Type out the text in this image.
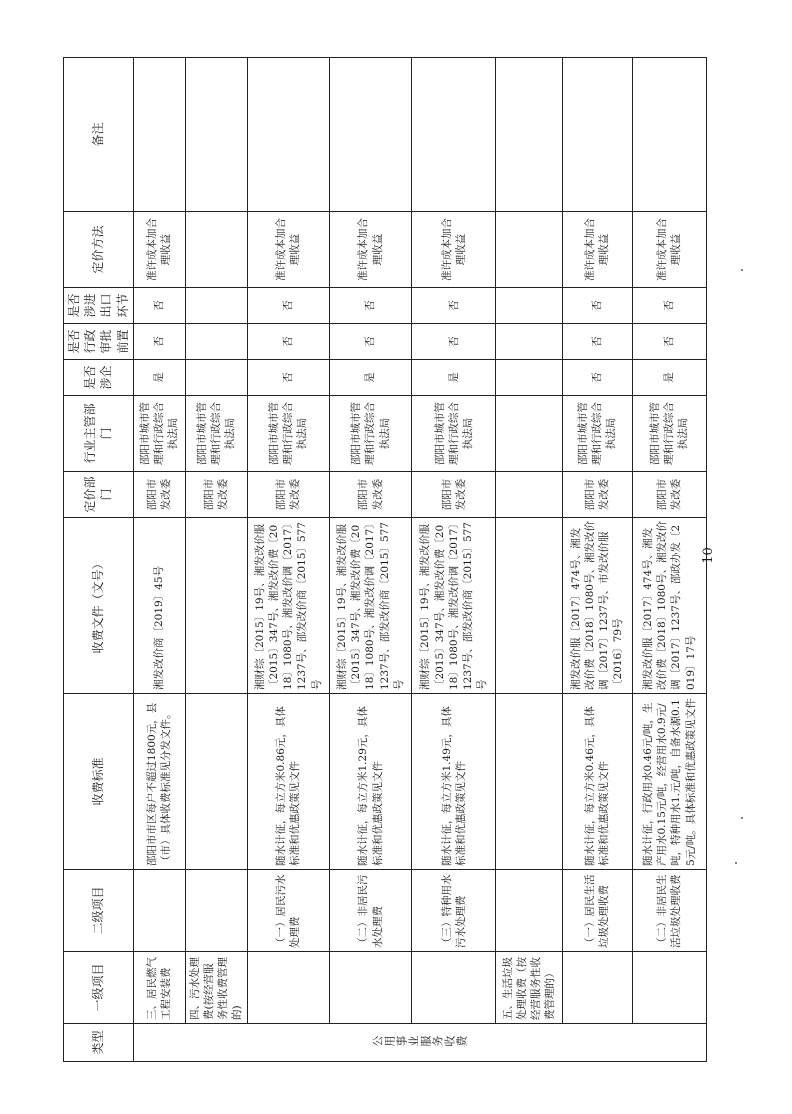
类型	一级项目	二级项目	收费标准	收费文件（文号）	定价部门	行业主管部门	是否涉企	是否行政审批前置	是否涉进出口环节	定价方法	备注
公用事业服务收费	三、居民燃气工程安装费		邵阳市市区每户不超过1800元，县（市）具体收费标准见分发文件。	湘发改价商〔2019〕45号	邵阳市发改委	邵阳市城市管理和行政综合执法局	是	否	否	准许成本加合理收益	
	四、污水处理费(按经营服务性收费管理的)				邵阳市发改委	邵阳市城市管理和行政综合执法局					
		（一）居民污水处理费	随水计征，每立方米0.86元，具体标准和优惠政策见文件	湘财综〔2015〕19号、湘发改价服〔2015〕347号、湘发改价费〔2018〕1080号、湘发改价调〔2017〕1237号、邵发改价商〔2015〕577号	邵阳市发改委	邵阳市城市管理和行政综合执法局	否	否	否	准许成本加合理收益	
		（二）非居民污水处理费	随水计征，每立方米1.29元，具体标准和优惠政策见文件	湘财综〔2015〕19号、湘发改价服〔2015〕347号、湘发改价费〔2018〕1080号、湘发改价调〔2017〕1237号、邵发改价商〔2015〕577号	邵阳市发改委	邵阳市城市管理和行政综合执法局	是	否	否	准许成本加合理收益	
		（三）特种用水污水处理费	随水计征，每立方米1.49元，具体标准和优惠政策见文件	湘财综〔2015〕19号、湘发改价服〔2015〕347号、湘发改价费〔2018〕1080号、湘发改价调〔2017〕1237号、邵发改价商〔2015〕577号	邵阳市发改委	邵阳市城市管理和行政综合执法局	是	否	否	准许成本加合理收益	
	五、生活垃圾处理收费（按经营服务性收费管理的）										
		（一）居民生活垃圾处理收费	随水计征，每立方米0.46元，具体标准和优惠政策见文件	湘发改价服〔2017〕474号、湘发改价费〔2018〕1080号、湘发改价调〔2017〕1237号、市发改价服〔2016〕79号	邵阳市发改委	邵阳市城市管理和行政综合执法局	否	否	否	准许成本加合理收益	
		（二）非居民生活垃圾处理收费	随水计征，行政用水0.46元/吨，生产用水0.15元/吨，经营用水0.9元/吨，特种用水1.元/吨，自备水源0.15元/吨。具体标准和优惠政策见文件	湘发改价服〔2017〕474号、湘发改价费〔2018〕1080号、湘发改价调〔2017〕1237号、邵政办发〔2019〕17号	邵阳市发改委	邵阳市城市管理和行政综合执法局	是	否	否	准许成本加合理收益	
10
